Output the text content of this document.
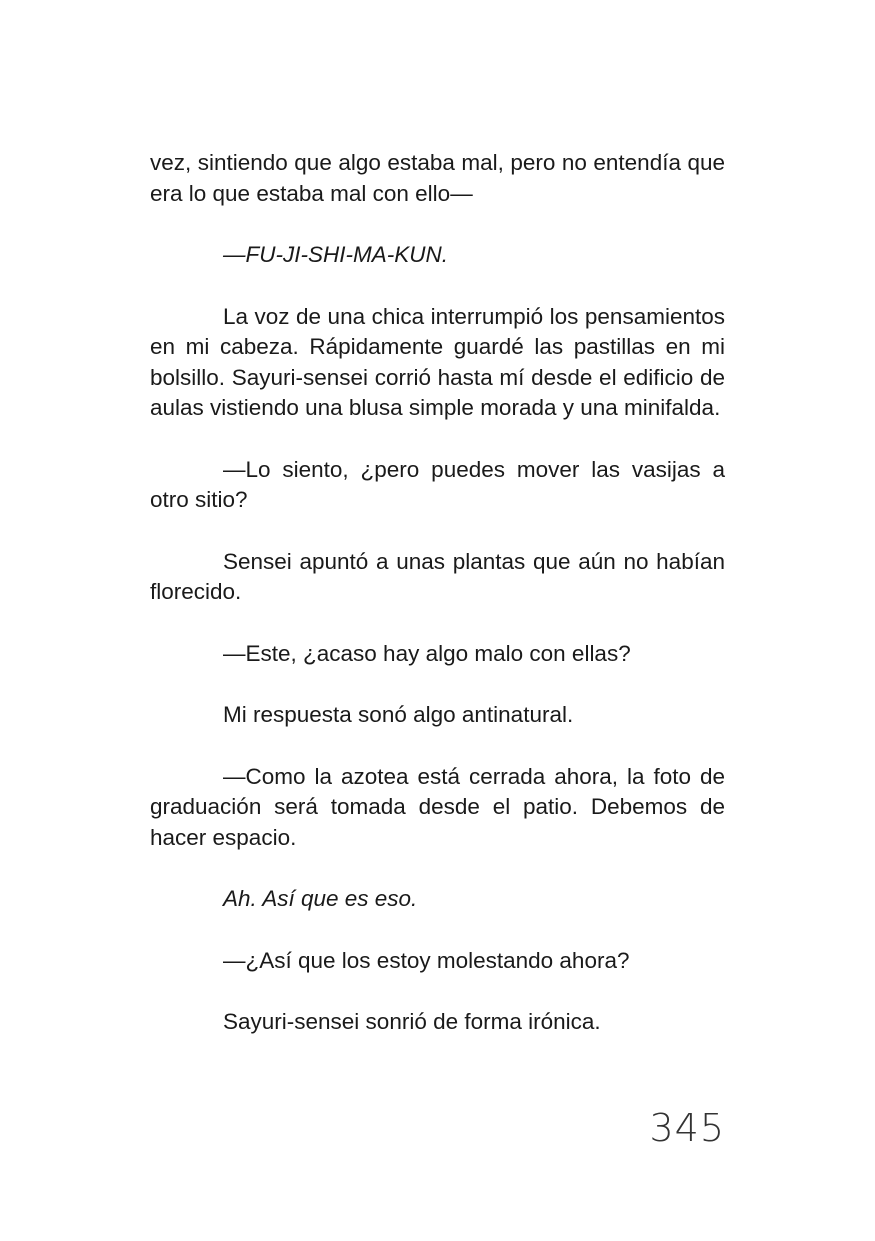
vez, sintiendo que algo estaba mal, pero no entendía que era lo que estaba mal con ello—

—FU-JI-SHI-MA-KUN.

La voz de una chica interrumpió los pensamientos en mi cabeza. Rápidamente guardé las pastillas en mi bolsillo. Sayuri-sensei corrió hasta mí desde el edificio de aulas vistiendo una blusa simple morada y una minifalda.

—Lo siento, ¿pero puedes mover las vasijas a otro sitio?

Sensei apuntó a unas plantas que aún no habían florecido.

—Este, ¿acaso hay algo malo con ellas?

Mi respuesta sonó algo antinatural.

—Como la azotea está cerrada ahora, la foto de graduación será tomada desde el patio. Debemos de hacer espacio.

Ah. Así que es eso.

—¿Así que los estoy molestando ahora?

Sayuri-sensei sonrió de forma irónica.

345
